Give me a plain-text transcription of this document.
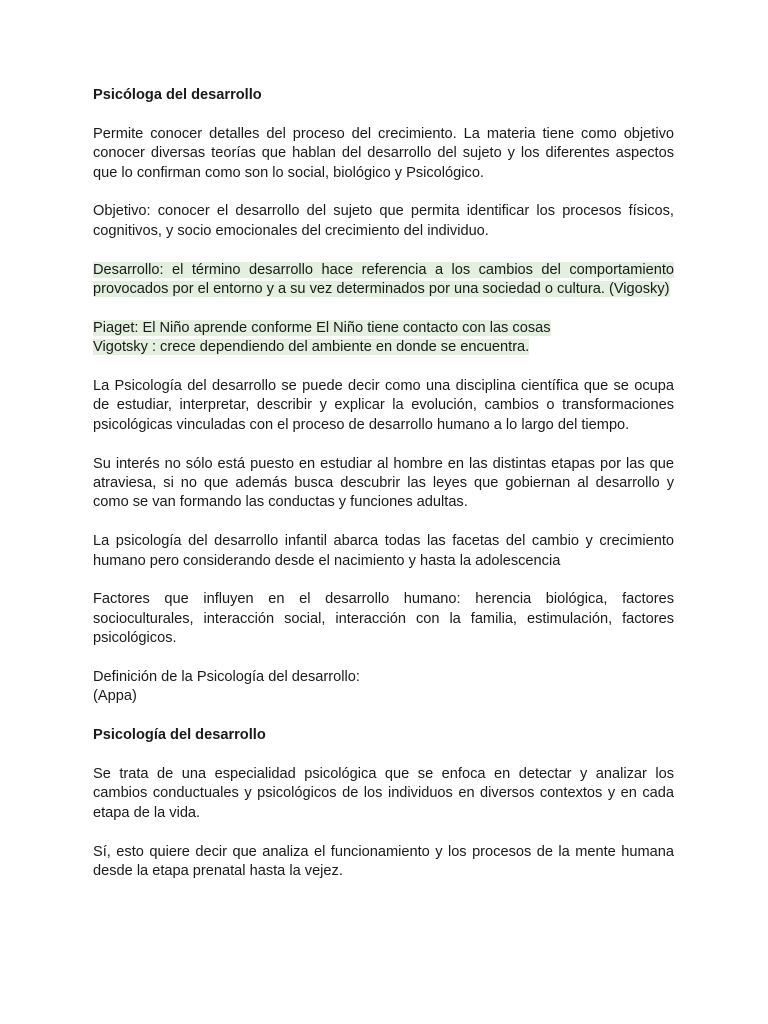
Psicóloga del desarrollo
Permite conocer detalles del proceso del crecimiento. La materia tiene como objetivo conocer diversas teorías que hablan del desarrollo del sujeto y los diferentes aspectos que lo confirman como son lo social, biológico y Psicológico.
Objetivo: conocer el desarrollo del sujeto que permita identificar los procesos físicos, cognitivos, y socio emocionales del crecimiento del individuo.
Desarrollo: el término desarrollo hace referencia a los cambios del comportamiento provocados por el entorno y a su vez determinados por una sociedad o cultura. (Vigosky)
Piaget: El Niño aprende conforme El Niño tiene contacto con las cosas
Vigotsky : crece dependiendo del ambiente en donde se encuentra.
La Psicología del desarrollo se puede decir como una disciplina científica que se ocupa de estudiar, interpretar, describir y explicar la evolución, cambios o transformaciones psicológicas vinculadas con el proceso de desarrollo humano a lo largo del tiempo.
Su interés no sólo está puesto en estudiar al hombre en las distintas etapas por las que atraviesa, si no que además busca descubrir las leyes que gobiernan al desarrollo y como se van formando las conductas y funciones adultas.
La psicología del desarrollo infantil abarca todas las facetas del cambio y crecimiento humano pero considerando desde el nacimiento y hasta la adolescencia
Factores que influyen en el desarrollo humano: herencia biológica, factores socioculturales, interacción social, interacción con la familia, estimulación, factores psicológicos.
Definición de la Psicología del desarrollo:
(Appa)
Psicología del desarrollo
Se trata de una especialidad psicológica que se enfoca en detectar y analizar los cambios conductuales y psicológicos de los individuos en diversos contextos y en cada etapa de la vida.
Sí, esto quiere decir que analiza el funcionamiento y los procesos de la mente humana desde la etapa prenatal hasta la vejez.
